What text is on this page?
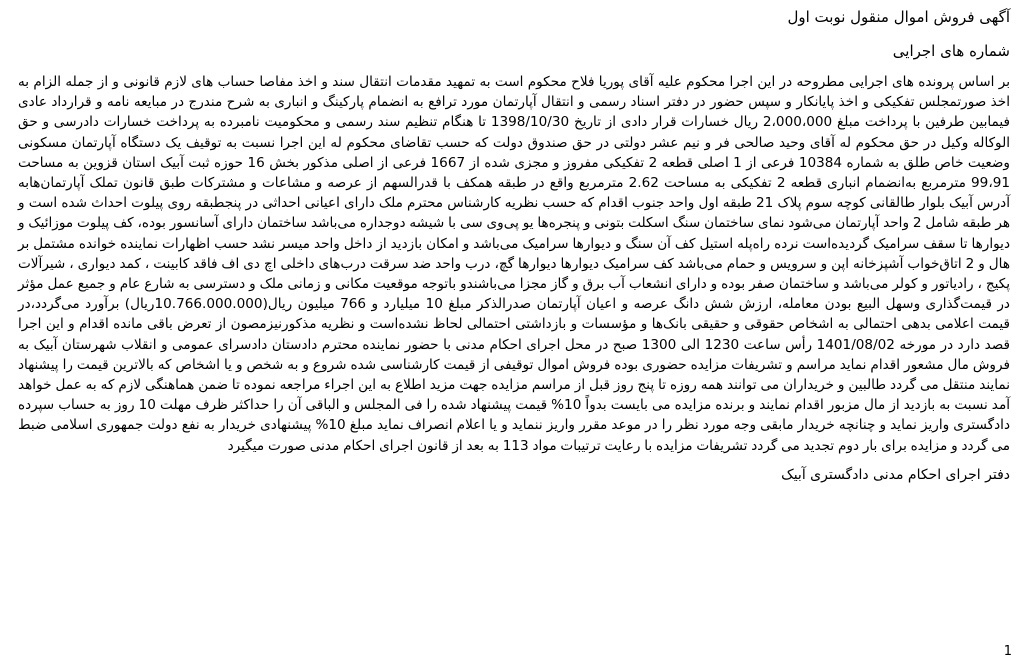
آگهی فروش اموال منقول نوبت اول
شماره های اجرایی

بر اساس پرونده های اجرایی مطروحه در این اجرا محکوم علیه آقای پوریا فلاح محکوم است به تمهید مقدمات انتقال سند و اخذ مفاصا حساب های لازم قانونی و از جمله الزام به اخذ صورتمجلس تفکیکی و اخذ پایانکار و سپس حضور در دفتر اسناد رسمی و انتقال آپارتمان مورد ترافع به انضمام پارکینگ و انباری به شرح مندرج در مبایعه نامه و قرارداد عادی فیمابین طرفین با پرداخت مبلغ 2،000،000 ریال خسارات قرار دادی از تاریخ 1398/10/30 تا هنگام تنظیم سند رسمی و محکومیت نامبرده به پرداخت خسارات دادرسی و حق الوکاله وکیل در حق محکوم له آقای وحید صالحی فر و نیم عشر دولتی در حق صندوق دولت که حسب تقاضای محکوم له این اجرا نسبت به توقیف یک دستگاه آپارتمان مسکونی وضعیت خاص طلق به شماره 10384 فرعی از 1 اصلی قطعه 2 تفکیکی مفروز و مجزی شده از 1667 فرعی از اصلی مذکور بخش 16 حوزه ثبت آبیک استان قزوین به مساحت 99،91 مترمربع به‌انضمام انباری قطعه 2 تفکیکی به مساحت 2.62 مترمربع واقع در طبقه همکف با قدرالسهم از عرصه و مشاعات و مشترکات طبق قانون تملک آپارتمان‌هابه آدرس آبیک بلوار طالقانی کوچه سوم پلاک 21 طبقه اول واحد جنوب اقدام که حسب نظریه کارشناس محترم ملک دارای اعیانی احداثی در پنجطبقه روی پیلوت احداث شده است و هر طبقه شامل 2 واحد آپارتمان می‌شود نمای ساختمان سنگ اسکلت بتونی و پنجره‌ها یو پی‌وی سی با شیشه دوجداره می‌باشد ساختمان دارای آسانسور بوده، کف پیلوت موزائیک و دیوارها تا سقف سرامیک گردیده‌است نرده راه‌پله استیل کف آن سنگ و دیوارها سرامیک می‌باشد و امکان بازدید از داخل واحد میسر نشد حسب اظهارات نماینده خوانده مشتمل بر هال و 2 اتاق‌خواب آشپزخانه اپن و سرویس و حمام می‌باشد کف سرامیک دیوارها دیوارها گچ، درب واحد ضد سرقت درب‌های داخلی اچ دی اف فاقد کابینت ، کمد دیواری ، شیرآلات پکیج ، رادیاتور و کولر می‌باشد و ساختمان صفر بوده و دارای انشعاب آب برق و گاز مجزا می‌باشندو باتوجه موقعیت مکانی و زمانی ملک و دسترسی به شارع عام و جمیع عمل مؤثر در قیمت‌گذاری وسهل البیع بودن معامله، ارزش شش دانگ عرصه و اعیان آپارتمان صدرالذکر مبلغ 10 میلیارد و 766 میلیون ریال(10.766.000.000ریال) برآورد می‌گردد،در قیمت اعلامی بدهی احتمالی به اشخاص حقوقی و حقیقی بانک‌ها و مؤسسات و بازداشتی احتمالی لحاظ نشده‌است و نظریه مذکورنیزمصون از تعرض باقی مانده اقدام و این اجرا قصد دارد در مورخه 1401/08/02 رأس ساعت 1230 الی 1300 صبح در محل اجرای احکام مدنی با حضور نماینده محترم دادستان دادسرای عمومی و انقلاب شهرستان آبیک به فروش مال مشعور اقدام نماید مراسم و تشریفات مزایده حضوری بوده فروش اموال توقیفی از قیمت کارشناسی شده شروع و به شخص و یا اشخاص که بالاترین قیمت را پیشنهاد نمایند منتقل می گردد طالبین و خریداران می توانند همه روزه تا پنج روز قبل از مراسم مزایده جهت مزید اطلاع به این اجراء مراجعه نموده تا ضمن هماهنگی لازم که به عمل خواهد آمد نسبت به بازدید از مال مزبور اقدام نمایند و برنده مزایده می بایست بدواً 10% قیمت پیشنهاد شده را فی المجلس و الباقی آن را حداکثر ظرف مهلت 10 روز به حساب سپرده دادگستری واریز نماید و چنانچه خریدار مابقی وجه مورد نظر را در موعد مقرر واریز ننماید و یا اعلام انصراف نماید مبلغ 10% پیشنهادی خریدار به نفع دولت جمهوری اسلامی ضبط می گردد و مزایده برای بار دوم تجدید می گردد تشریفات مزایده با رعایت ترتیبات مواد 113 به بعد از قانون اجرای احکام مدنی صورت میگیرد

دفتر اجرای احکام مدنی دادگستری آبیک

1
